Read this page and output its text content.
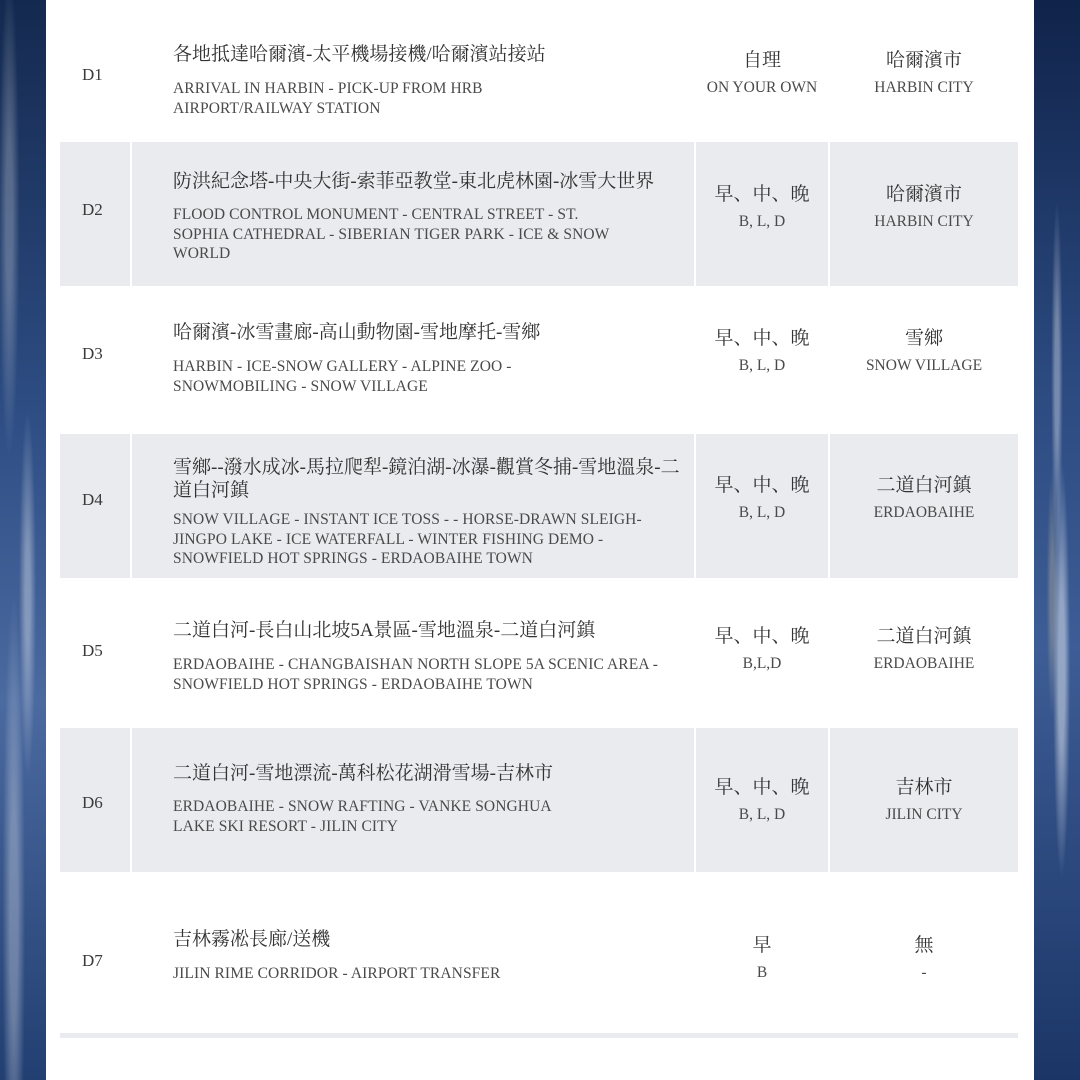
D1
各地抵達哈爾濱-太平機場接機/哈爾濱站接站
ARRIVAL IN HARBIN - PICK-UP FROM HRB AIRPORT/RAILWAY STATION
自理
ON YOUR OWN
哈爾濱市
HARBIN CITY
D2
防洪紀念塔-中央大街-索菲亞教堂-東北虎林園-冰雪大世界
FLOOD CONTROL MONUMENT - CENTRAL STREET - ST. SOPHIA CATHEDRAL - SIBERIAN TIGER PARK - ICE & SNOW WORLD
早、中、晚
B, L, D
哈爾濱市
HARBIN CITY
D3
哈爾濱-冰雪畫廊-高山動物園-雪地摩托-雪鄉
HARBIN - ICE-SNOW GALLERY - ALPINE ZOO - SNOWMOBILING - SNOW VILLAGE
早、中、晚
B, L, D
雪鄉
SNOW VILLAGE
D4
雪鄉--潑水成冰-馬拉爬犁-鏡泊湖-冰瀑-觀賞冬捕-雪地溫泉-二道白河鎮
SNOW VILLAGE - INSTANT ICE TOSS - - HORSE-DRAWN SLEIGH- JINGPO LAKE - ICE WATERFALL - WINTER FISHING DEMO - SNOWFIELD HOT SPRINGS - ERDAOBAIHE TOWN
早、中、晚
B, L, D
二道白河鎮
ERDAOBAIHE
D5
二道白河-長白山北坡5A景區-雪地溫泉-二道白河鎮
ERDAOBAIHE - CHANGBAISHAN NORTH SLOPE 5A SCENIC AREA - SNOWFIELD HOT SPRINGS - ERDAOBAIHE TOWN
早、中、晚
B,L,D
二道白河鎮
ERDAOBAIHE
D6
二道白河-雪地漂流-萬科松花湖滑雪場-吉林市
ERDAOBAIHE - SNOW RAFTING - VANKE SONGHUA LAKE SKI RESORT - JILIN CITY
早、中、晚
B, L, D
吉林市
JILIN CITY
D7
吉林霧凇長廊/送機
JILIN RIME CORRIDOR - AIRPORT TRANSFER
早
B
無
-
